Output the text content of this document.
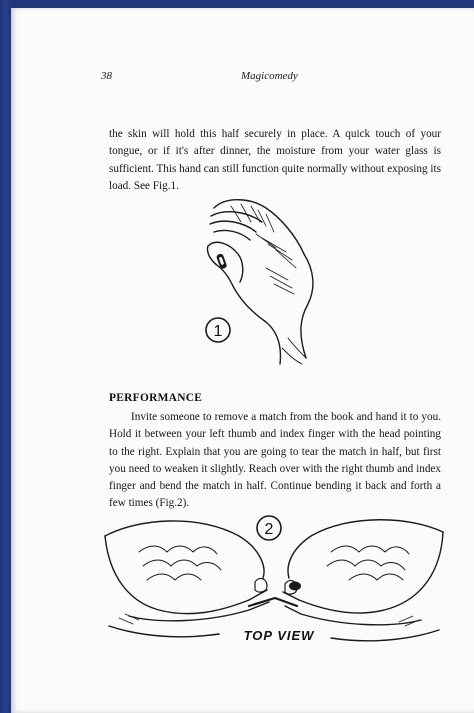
38	Magicomedy

the skin will hold this half securely in place. A quick touch of your tongue, or if it's after dinner, the moisture from your water glass is sufficient. This hand can still function quite normally without exposing its load. See Fig.1.

1
PERFORMANCE

Invite someone to remove a match from the book and hand it to you. Hold it between your left thumb and index finger with the head pointing to the right. Explain that you are going to tear the match in half, but first you need to weaken it slightly. Reach over with the right thumb and index finger and bend the match in half. Continue bending it back and forth a few times (Fig.2).

2
TOP VIEW
